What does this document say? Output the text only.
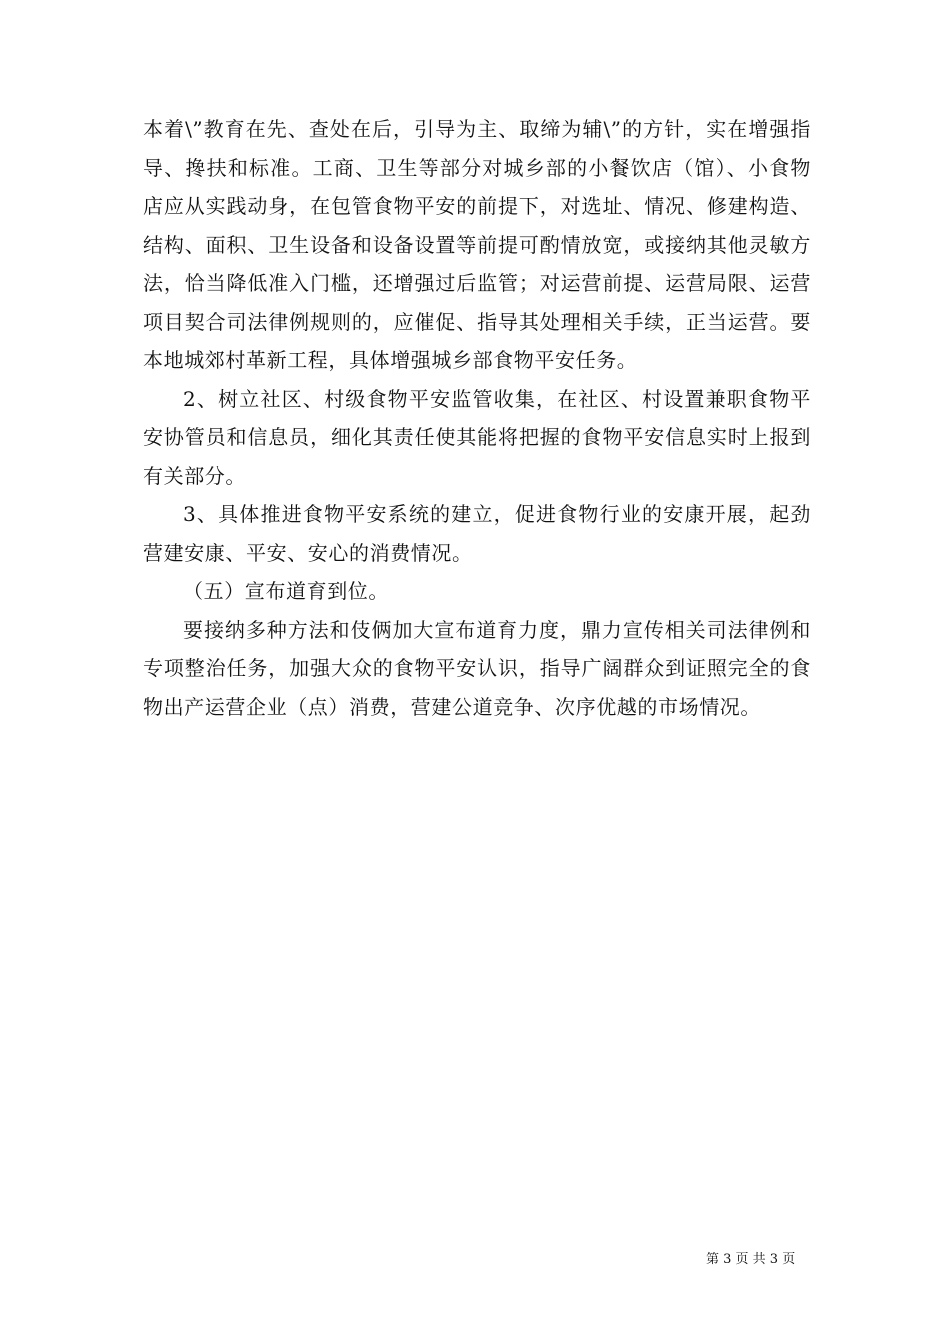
本着\”教育在先、查处在后，引导为主、取缔为辅\”的方针，实在增强指导、搀扶和标准。工商、卫生等部分对城乡部的小餐饮店（馆）、小食物店应从实践动身，在包管食物平安的前提下，对选址、情况、修建构造、结构、面积、卫生设备和设备设置等前提可酌情放宽，或接纳其他灵敏方法，恰当降低准入门槛，还增强过后监管；对运营前提、运营局限、运营项目契合司法律例规则的，应催促、指导其处理相关手续，正当运营。要本地城郊村革新工程，具体增强城乡部食物平安任务。

2、树立社区、村级食物平安监管收集，在社区、村设置兼职食物平安协管员和信息员，细化其责任使其能将把握的食物平安信息实时上报到有关部分。

3、具体推进食物平安系统的建立，促进食物行业的安康开展，起劲营建安康、平安、安心的消费情况。

（五）宣布道育到位。

要接纳多种方法和伎俩加大宣布道育力度，鼎力宣传相关司法律例和专项整治任务，加强大众的食物平安认识，指导广阔群众到证照完全的食物出产运营企业（点）消费，营建公道竞争、次序优越的市场情况。

第 3 页 共 3 页
